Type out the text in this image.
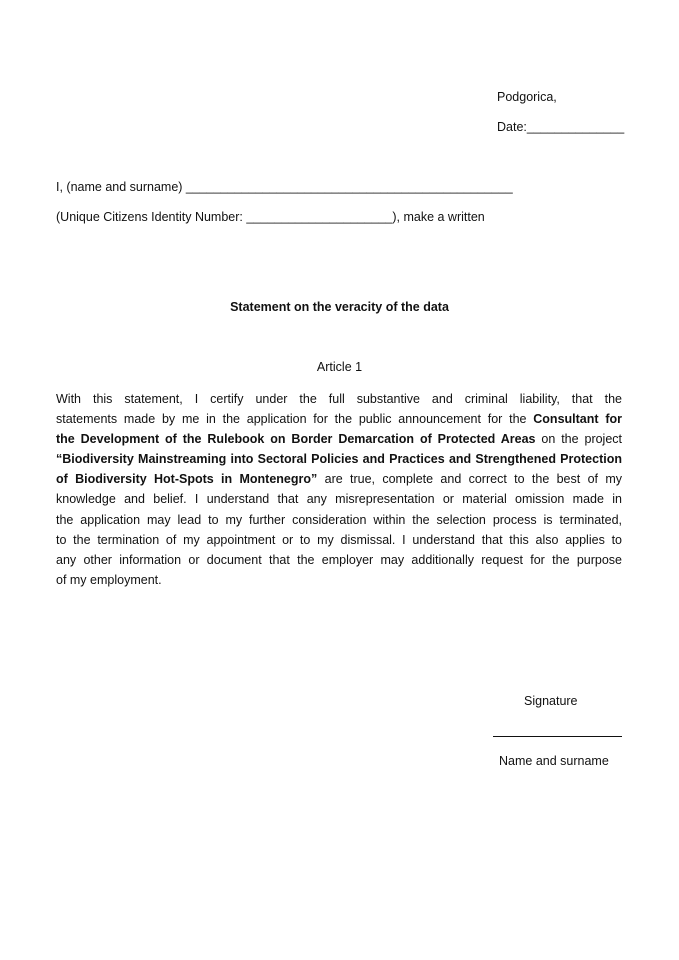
Podgorica,
Date:______________
I, (name and surname) _______________________________________________
(Unique Citizens Identity Number: _____________________), make a written
Statement on the veracity of the data
Article 1
With this statement, I certify under the full substantive and criminal liability, that the
statements made by me in the application for the public announcement for the Consultant for
the Development of the Rulebook on Border Demarcation of Protected Areas on the project
“Biodiversity Mainstreaming into Sectoral Policies and Practices and Strengthened Protection
of Biodiversity Hot-Spots in Montenegro” are true, complete and correct to the best of my
knowledge and belief. I understand that any misrepresentation or material omission made in
the application may lead to my further consideration within the selection process is terminated,
to the termination of my appointment or to my dismissal. I understand that this also applies to
any other information or document that the employer may additionally request for the purpose
of my employment.
Signature
Name and surname
